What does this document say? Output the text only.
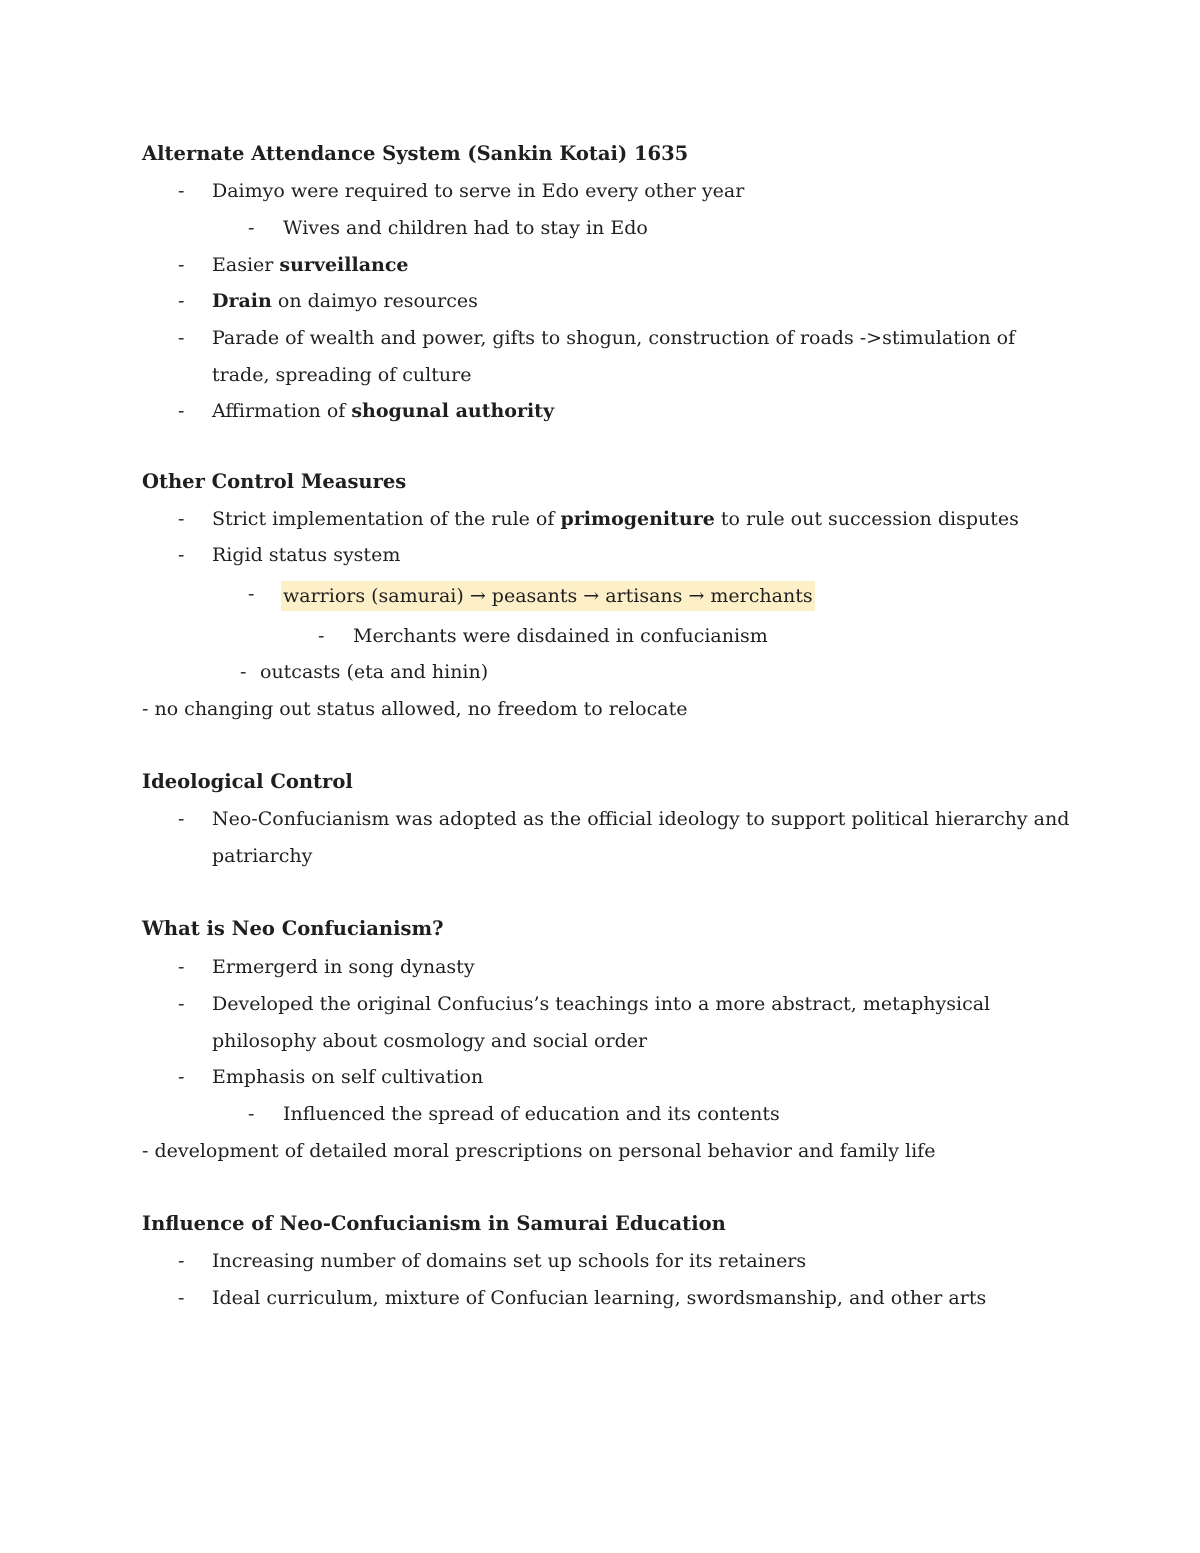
Alternate Attendance System (Sankin Kotai) 1635
- Daimyo were required to serve in Edo every other year
- Wives and children had to stay in Edo
- Easier surveillance
- Drain on daimyo resources
- Parade of wealth and power, gifts to shogun, construction of roads ->stimulation of
trade, spreading of culture
- Affirmation of shogunal authority
Other Control Measures
- Strict implementation of the rule of primogeniture to rule out succession disputes
- Rigid status system
- warriors (samurai) → peasants → artisans → merchants
- Merchants were disdained in confucianism
- outcasts (eta and hinin)
- no changing out status allowed, no freedom to relocate
Ideological Control
- Neo-Confucianism was adopted as the official ideology to support political hierarchy and
patriarchy
What is Neo Confucianism?
- Ermergerd in song dynasty
- Developed the original Confucius’s teachings into a more abstract, metaphysical
philosophy about cosmology and social order
- Emphasis on self cultivation
- Influenced the spread of education and its contents
- development of detailed moral prescriptions on personal behavior and family life
Influence of Neo-Confucianism in Samurai Education
- Increasing number of domains set up schools for its retainers
- Ideal curriculum, mixture of Confucian learning, swordsmanship, and other arts
